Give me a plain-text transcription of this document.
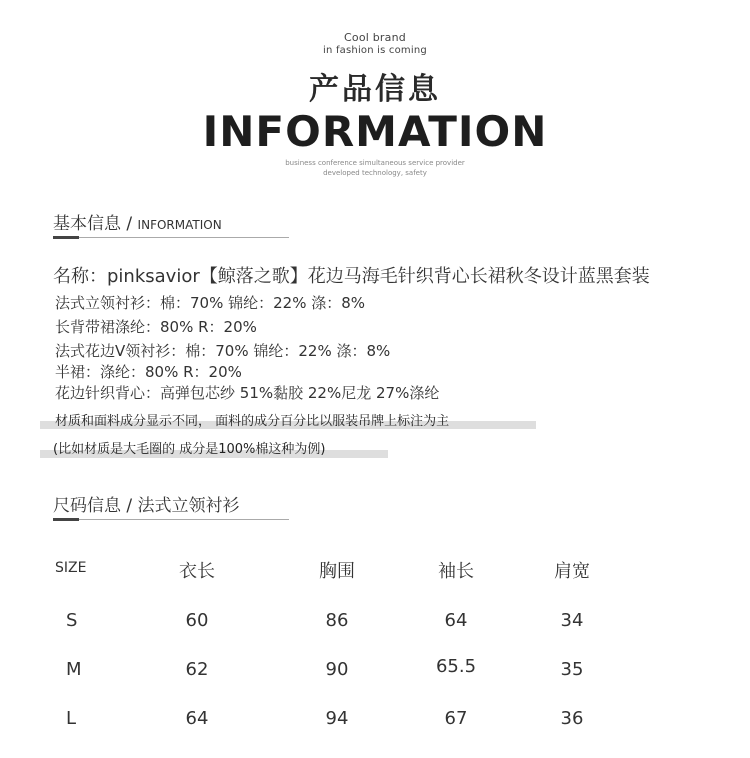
Cool brand
in fashion is coming
产品信息
INFORMATION
business conference simultaneous service provider
developed technology, safety
基本信息 / INFORMATION
名称：pinksavior【鲸落之歌】花边马海毛针织背心长裙秋冬设计蓝黑套装
法式立领衬衫：棉：70% 锦纶：22% 涤：8%
长背带裙涤纶：80% R：20%
法式花边V领衬衫：棉：70% 锦纶：22% 涤：8%
半裙：涤纶：80% R：20%
花边针织背心：高弹包芯纱 51%黏胶 22%尼龙 27%涤纶
材质和面料成分显示不同， 面料的成分百分比以服装吊牌上标注为主
(比如材质是大毛圈的 成分是100%棉这种为例)
尺码信息 / 法式立领衬衫
SIZE	衣长	胸围	袖长	肩宽
S	60	86	64	34
M	62	90	65.5	35
L	64	94	67	36
